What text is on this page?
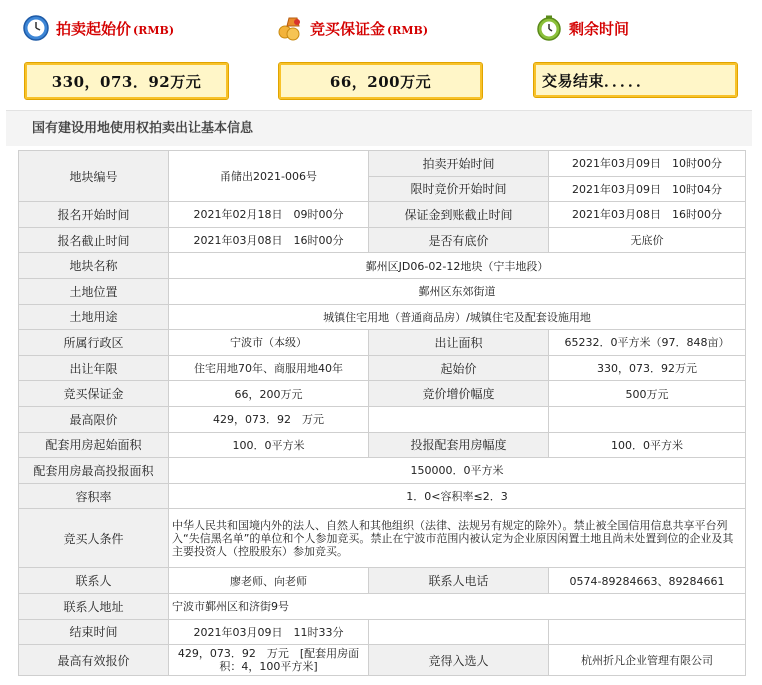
拍卖起始价 (RMB)
330，073．92万元
竞买保证金 (RMB)
66，200万元
剩余时间
交易结束．．．．．
国有建设用地使用权拍卖出让基本信息
地块编号	甬储出2021-006号	拍卖开始时间	2021年03月09日　10时00分
		限时竞价开始时间	2021年03月09日　10时04分
报名开始时间	2021年02月18日　09时00分	保证金到账截止时间	2021年03月08日　16时00分
报名截止时间	2021年03月08日　16时00分	是否有底价	无底价
地块名称	鄞州区JD06-02-12地块（宁丰地段）		
土地位置	鄞州区东郊街道		
土地用途	城镇住宅用地（普通商品房）/城镇住宅及配套设施用地		
所属行政区	宁波市（本级）	出让面积	65232．0平方米（97．848亩）
出让年限	住宅用地70年、商服用地40年	起始价	330，073．92万元
竞买保证金	66，200万元	竞价增价幅度	500万元
最高限价	429，073．92　万元		
配套用房起始面积	100．0平方米	投报配套用房幅度	100．0平方米
配套用房最高投报面积	150000．0平方米		
容积率	1．0<容积率≤2．3		
竞买人条件	中华人民共和国境内外的法人、自然人和其他组织（法律、法规另有规定的除外）。禁止被全国信用信息共享平台列入“失信黑名单”的单位和个人参加竞买。禁止在宁波市范围内被认定为企业原因闲置土地且尚未处置到位的企业及其主要投资人（控股股东）参加竞买。		
联系人	廖老师、向老师	联系人电话	0574-89284663、89284661
联系人地址	宁波市鄞州区和济街9号		
结束时间	2021年03月09日　11时33分		
最高有效报价	429，073．92　万元　[配套用房面积：4，100平方米]	竞得入选人	杭州折凡企业管理有限公司
